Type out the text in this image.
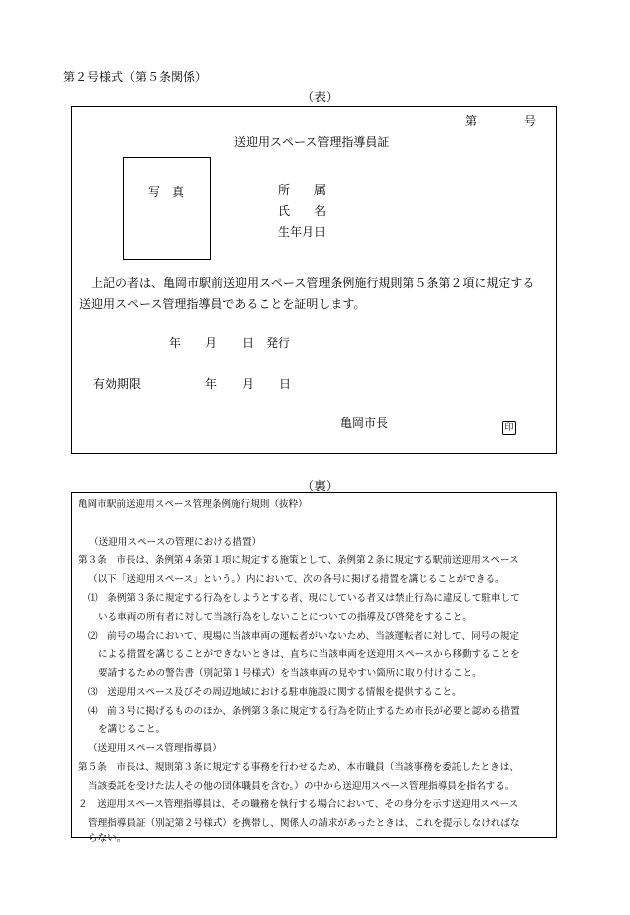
第２号様式（第５条関係）
（表）
第	号
送迎用スペース管理指導員証
写　真	所　　属
氏　　名
生年月日
上記の者は、亀岡市駅前送迎用スペース管理条例施行規則第５条第２項に規定する
送迎用スペース管理指導員であることを証明します。
年 月 日 発行
有効期限	年 月 日
亀岡市長	印
（裏）
亀岡市駅前送迎用スペース管理条例施行規則（抜粋）
（送迎用スペースの管理における措置）
第３条　市長は、条例第４条第１項に規定する施策として、条例第２条に規定する駅前送迎用スペース
（以下「送迎用スペース」という。）内において、次の各号に掲げる措置を講じることができる。
⑴　条例第３条に規定する行為をしようとする者、現にしている者又は禁止行為に違反して駐車して
いる車両の所有者に対して当該行為をしないことについての指導及び啓発をすること。
⑵　前号の場合において、現場に当該車両の運転者がいないため、当該運転者に対して、同号の規定
による措置を講じることができないときは、直ちに当該車両を送迎用スペースから移動することを
要請するための警告書（別記第１号様式）を当該車両の見やすい箇所に取り付けること。
⑶　送迎用スペース及びその周辺地域における駐車施設に関する情報を提供すること。
⑷　前３号に掲げるもののほか、条例第３条に規定する行為を防止するため市長が必要と認める措置
を講じること。
（送迎用スペース管理指導員）
第５条　市長は、規則第３条に規定する事務を行わせるため、本市職員（当該事務を委託したときは、
当該委託を受けた法人その他の団体職員を含む。）の中から送迎用スペース管理指導員を指名する。
２　送迎用スペース管理指導員は、その職務を執行する場合において、その身分を示す送迎用スペース
管理指導員証（別記第２号様式）を携帯し、関係人の請求があったときは、これを提示しなければな
らない。
